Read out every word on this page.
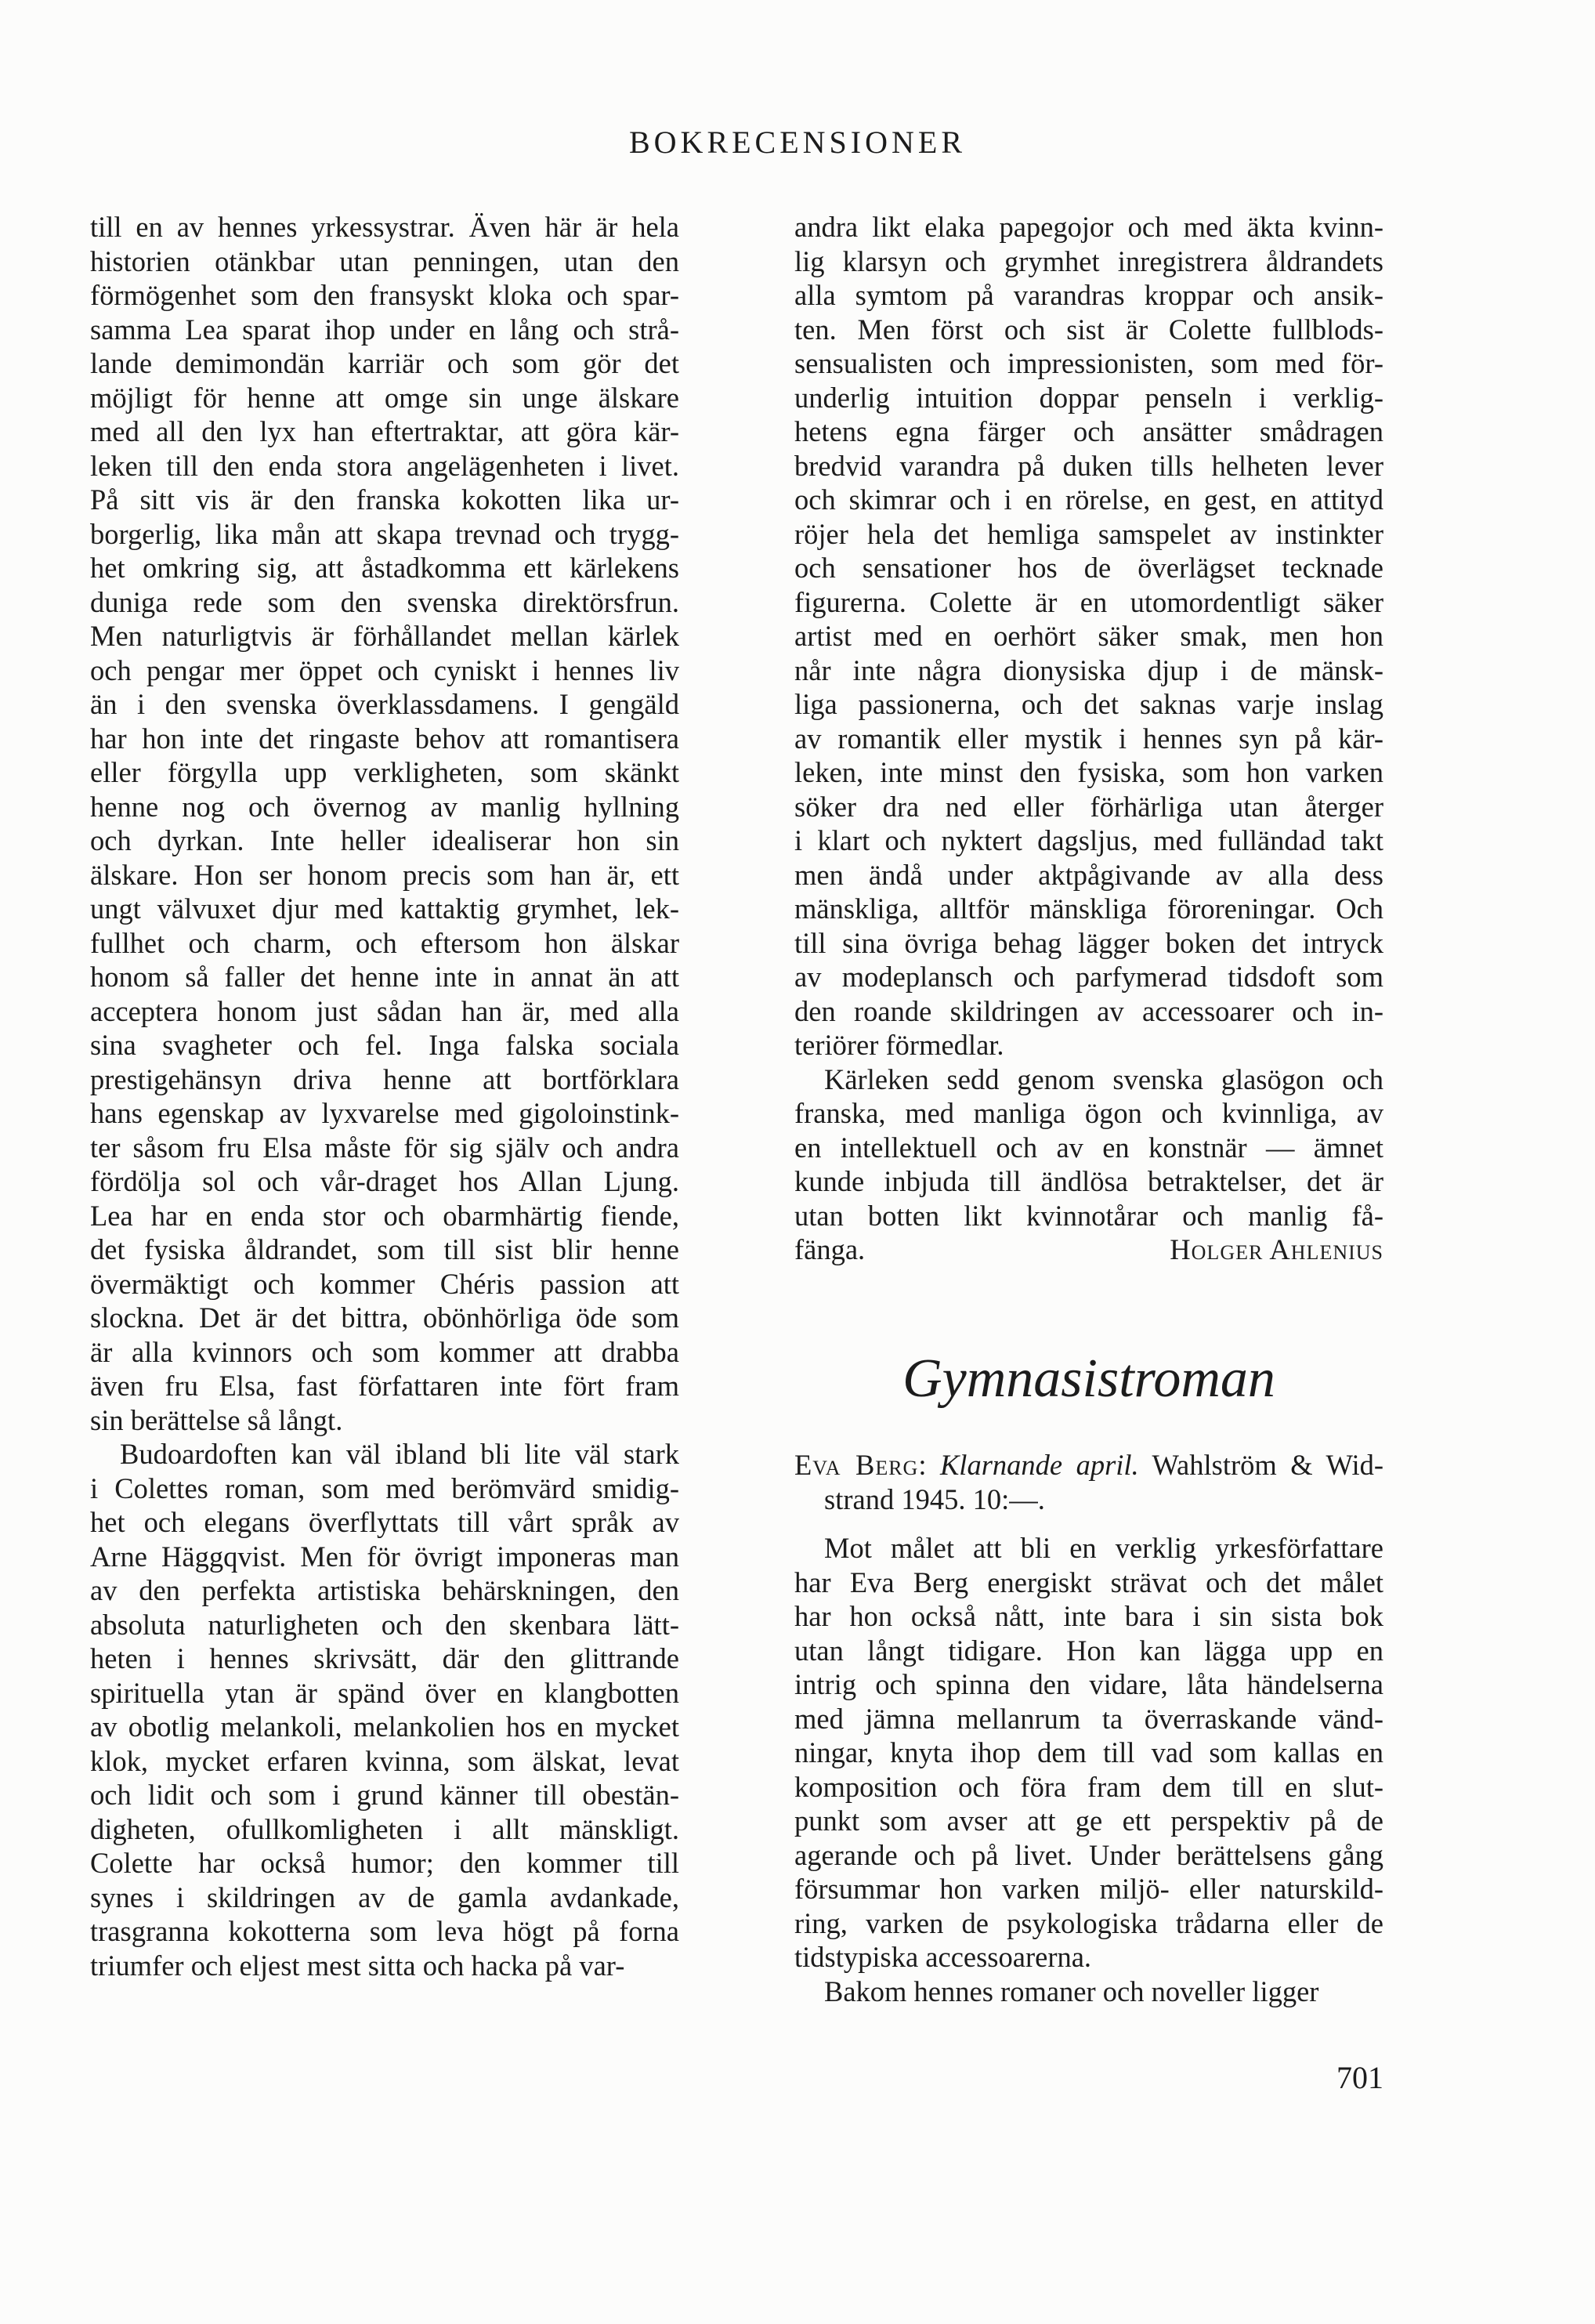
BOKRECENSIONER
till en av hennes yrkessystrar. Även här är hela
historien otänkbar utan penningen, utan den
förmögenhet som den fransyskt kloka och spar-
samma Lea sparat ihop under en lång och strå-
lande demimondän karriär och som gör det
möjligt för henne att omge sin unge älskare
med all den lyx han eftertraktar, att göra kär-
leken till den enda stora angelägenheten i livet.
På sitt vis är den franska kokotten lika ur-
borgerlig, lika mån att skapa trevnad och trygg-
het omkring sig, att åstadkomma ett kärlekens
duniga rede som den svenska direktörsfrun.
Men naturligtvis är förhållandet mellan kärlek
och pengar mer öppet och cyniskt i hennes liv
än i den svenska överklassdamens. I gengäld
har hon inte det ringaste behov att romantisera
eller förgylla upp verkligheten, som skänkt
henne nog och övernog av manlig hyllning
och dyrkan. Inte heller idealiserar hon sin
älskare. Hon ser honom precis som han är, ett
ungt välvuxet djur med kattaktig grymhet, lek-
fullhet och charm, och eftersom hon älskar
honom så faller det henne inte in annat än att
acceptera honom just sådan han är, med alla
sina svagheter och fel. Inga falska sociala
prestigehänsyn driva henne att bortförklara
hans egenskap av lyxvarelse med gigoloinstink-
ter såsom fru Elsa måste för sig själv och andra
fördölja sol och vår-draget hos Allan Ljung.
Lea har en enda stor och obarmhärtig fiende,
det fysiska åldrandet, som till sist blir henne
övermäktigt och kommer Chéris passion att
slockna. Det är det bittra, obönhörliga öde som
är alla kvinnors och som kommer att drabba
även fru Elsa, fast författaren inte fört fram
sin berättelse så långt.
Budoardoften kan väl ibland bli lite väl stark
i Colettes roman, som med berömvärd smidig-
het och elegans överflyttats till vårt språk av
Arne Häggqvist. Men för övrigt imponeras man
av den perfekta artistiska behärskningen, den
absoluta naturligheten och den skenbara lätt-
heten i hennes skrivsätt, där den glittrande
spirituella ytan är spänd över en klangbotten
av obotlig melankoli, melankolien hos en mycket
klok, mycket erfaren kvinna, som älskat, levat
och lidit och som i grund känner till obestän-
digheten, ofullkomligheten i allt mänskligt.
Colette har också humor; den kommer till
synes i skildringen av de gamla avdankade,
trasgranna kokotterna som leva högt på forna
triumfer och eljest mest sitta och hacka på var-
andra likt elaka papegojor och med äkta kvinn-
lig klarsyn och grymhet inregistrera åldrandets
alla symtom på varandras kroppar och ansik-
ten. Men först och sist är Colette fullblods-
sensualisten och impressionisten, som med för-
underlig intuition doppar penseln i verklig-
hetens egna färger och ansätter smådragen
bredvid varandra på duken tills helheten lever
och skimrar och i en rörelse, en gest, en attityd
röjer hela det hemliga samspelet av instinkter
och sensationer hos de överlägset tecknade
figurerna. Colette är en utomordentligt säker
artist med en oerhört säker smak, men hon
når inte några dionysiska djup i de mänsk-
liga passionerna, och det saknas varje inslag
av romantik eller mystik i hennes syn på kär-
leken, inte minst den fysiska, som hon varken
söker dra ned eller förhärliga utan återger
i klart och nyktert dagsljus, med fulländad takt
men ändå under aktpågivande av alla dess
mänskliga, alltför mänskliga föroreningar. Och
till sina övriga behag lägger boken det intryck
av modeplansch och parfymerad tidsdoft som
den roande skildringen av accessoarer och in-
teriörer förmedlar.
Kärleken sedd genom svenska glasögon och
franska, med manliga ögon och kvinnliga, av
en intellektuell och av en konstnär — ämnet
kunde inbjuda till ändlösa betraktelser, det är
utan botten likt kvinnotårar och manlig få-
fänga.	Holger Ahlenius
Gymnasistroman
Eva Berg: Klarnande april. Wahlström & Wid-
strand 1945. 10:—.
Mot målet att bli en verklig yrkesförfattare
har Eva Berg energiskt strävat och det målet
har hon också nått, inte bara i sin sista bok
utan långt tidigare. Hon kan lägga upp en
intrig och spinna den vidare, låta händelserna
med jämna mellanrum ta överraskande vänd-
ningar, knyta ihop dem till vad som kallas en
komposition och föra fram dem till en slut-
punkt som avser att ge ett perspektiv på de
agerande och på livet. Under berättelsens gång
försummar hon varken miljö- eller naturskild-
ring, varken de psykologiska trådarna eller de
tidstypiska accessoarerna.
Bakom hennes romaner och noveller ligger
701
